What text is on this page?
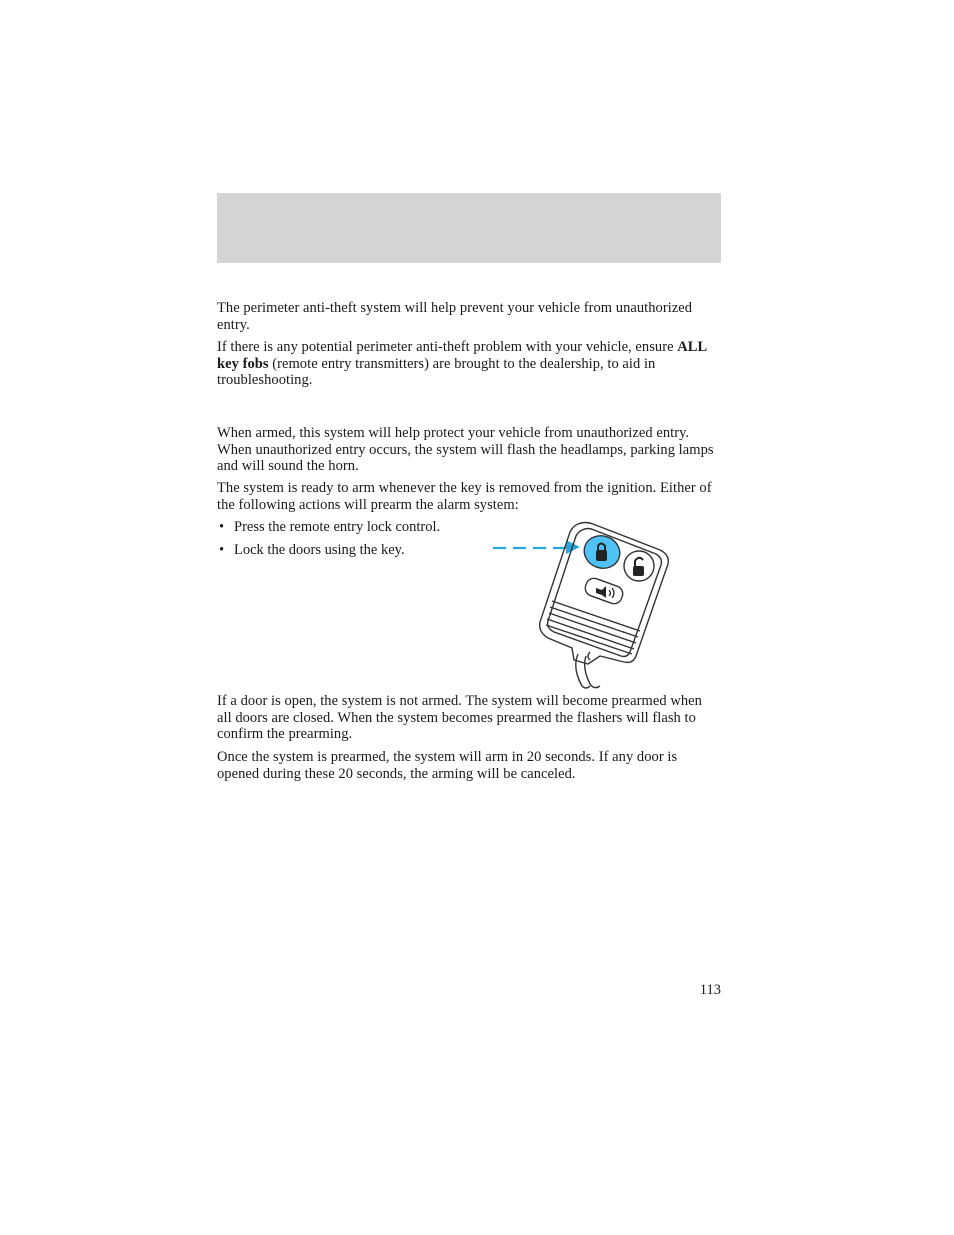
The perimeter anti-theft system will help prevent your vehicle from unauthorized entry.
If there is any potential perimeter anti-theft problem with your vehicle, ensure ALL key fobs (remote entry transmitters) are brought to the dealership, to aid in troubleshooting.
When armed, this system will help protect your vehicle from unauthorized entry. When unauthorized entry occurs, the system will flash the headlamps, parking lamps and will sound the horn.
The system is ready to arm whenever the key is removed from the ignition. Either of the following actions will prearm the alarm system:
• Press the remote entry lock control.
• Lock the doors using the key.
If a door is open, the system is not armed. The system will become prearmed when all doors are closed. When the system becomes prearmed the flashers will flash to confirm the prearming.
Once the system is prearmed, the system will arm in 20 seconds. If any door is opened during these 20 seconds, the arming will be canceled.
113
